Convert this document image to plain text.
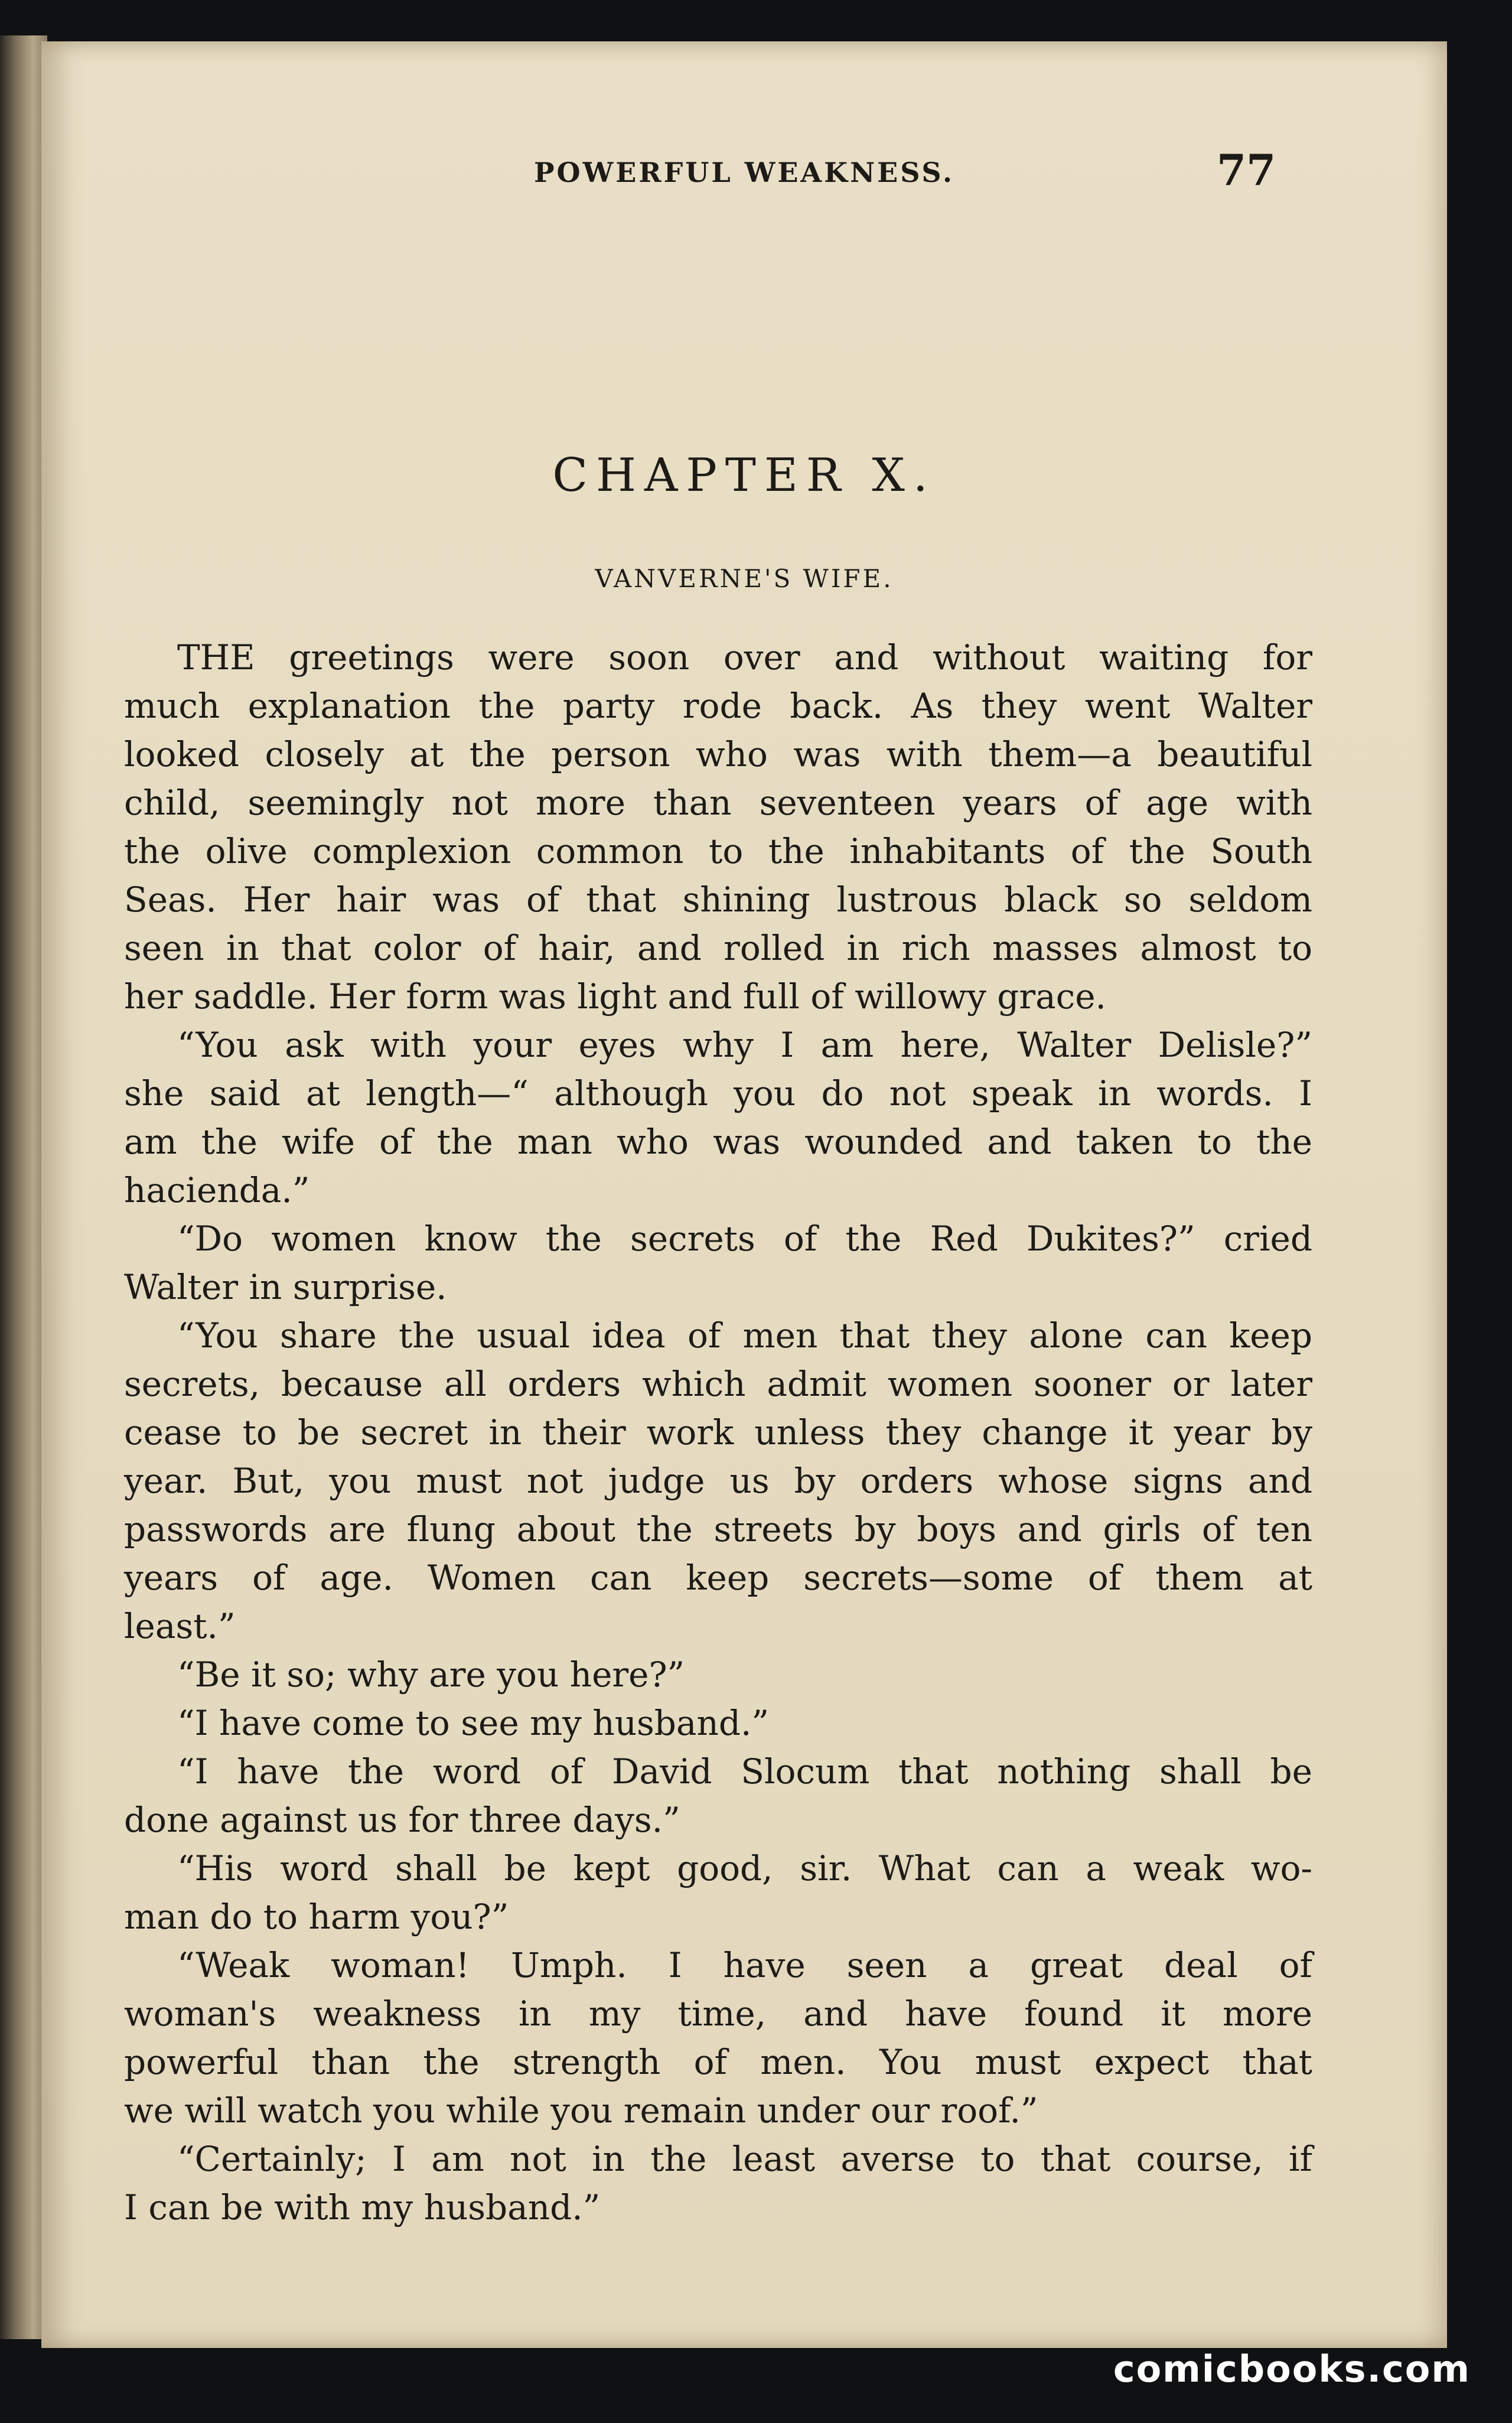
POWERFUL WEAKNESS.	77
CHAPTER X.
VANVERNE'S WIFE.
THE greetings were soon over and without waiting for
much explanation the party rode back. As they went Walter
looked closely at the person who was with them—a beautiful
child, seemingly not more than seventeen years of age with
the olive complexion common to the inhabitants of the South
Seas. Her hair was of that shining lustrous black so seldom
seen in that color of hair, and rolled in rich masses almost to
her saddle. Her form was light and full of willowy grace.
“You ask with your eyes why I am here, Walter Delisle?”
she said at length—“ although you do not speak in words. I
am the wife of the man who was wounded and taken to the
hacienda.”
“Do women know the secrets of the Red Dukites?” cried
Walter in surprise.
“You share the usual idea of men that they alone can keep
secrets, because all orders which admit women sooner or later
cease to be secret in their work unless they change it year by
year. But, you must not judge us by orders whose signs and
passwords are flung about the streets by boys and girls of ten
years of age. Women can keep secrets—some of them at
least.”
“Be it so; why are you here?”
“I have come to see my husband.”
“I have the word of David Slocum that nothing shall be
done against us for three days.”
“His word shall be kept good, sir. What can a weak wo-
man do to harm you?”
“Weak woman! Umph. I have seen a great deal of
woman's weakness in my time, and have found it more
powerful than the strength of men. You must expect that
we will watch you while you remain under our roof.”
“Certainly; I am not in the least averse to that course, if
I can be with my husband.”
comicbooks.com
